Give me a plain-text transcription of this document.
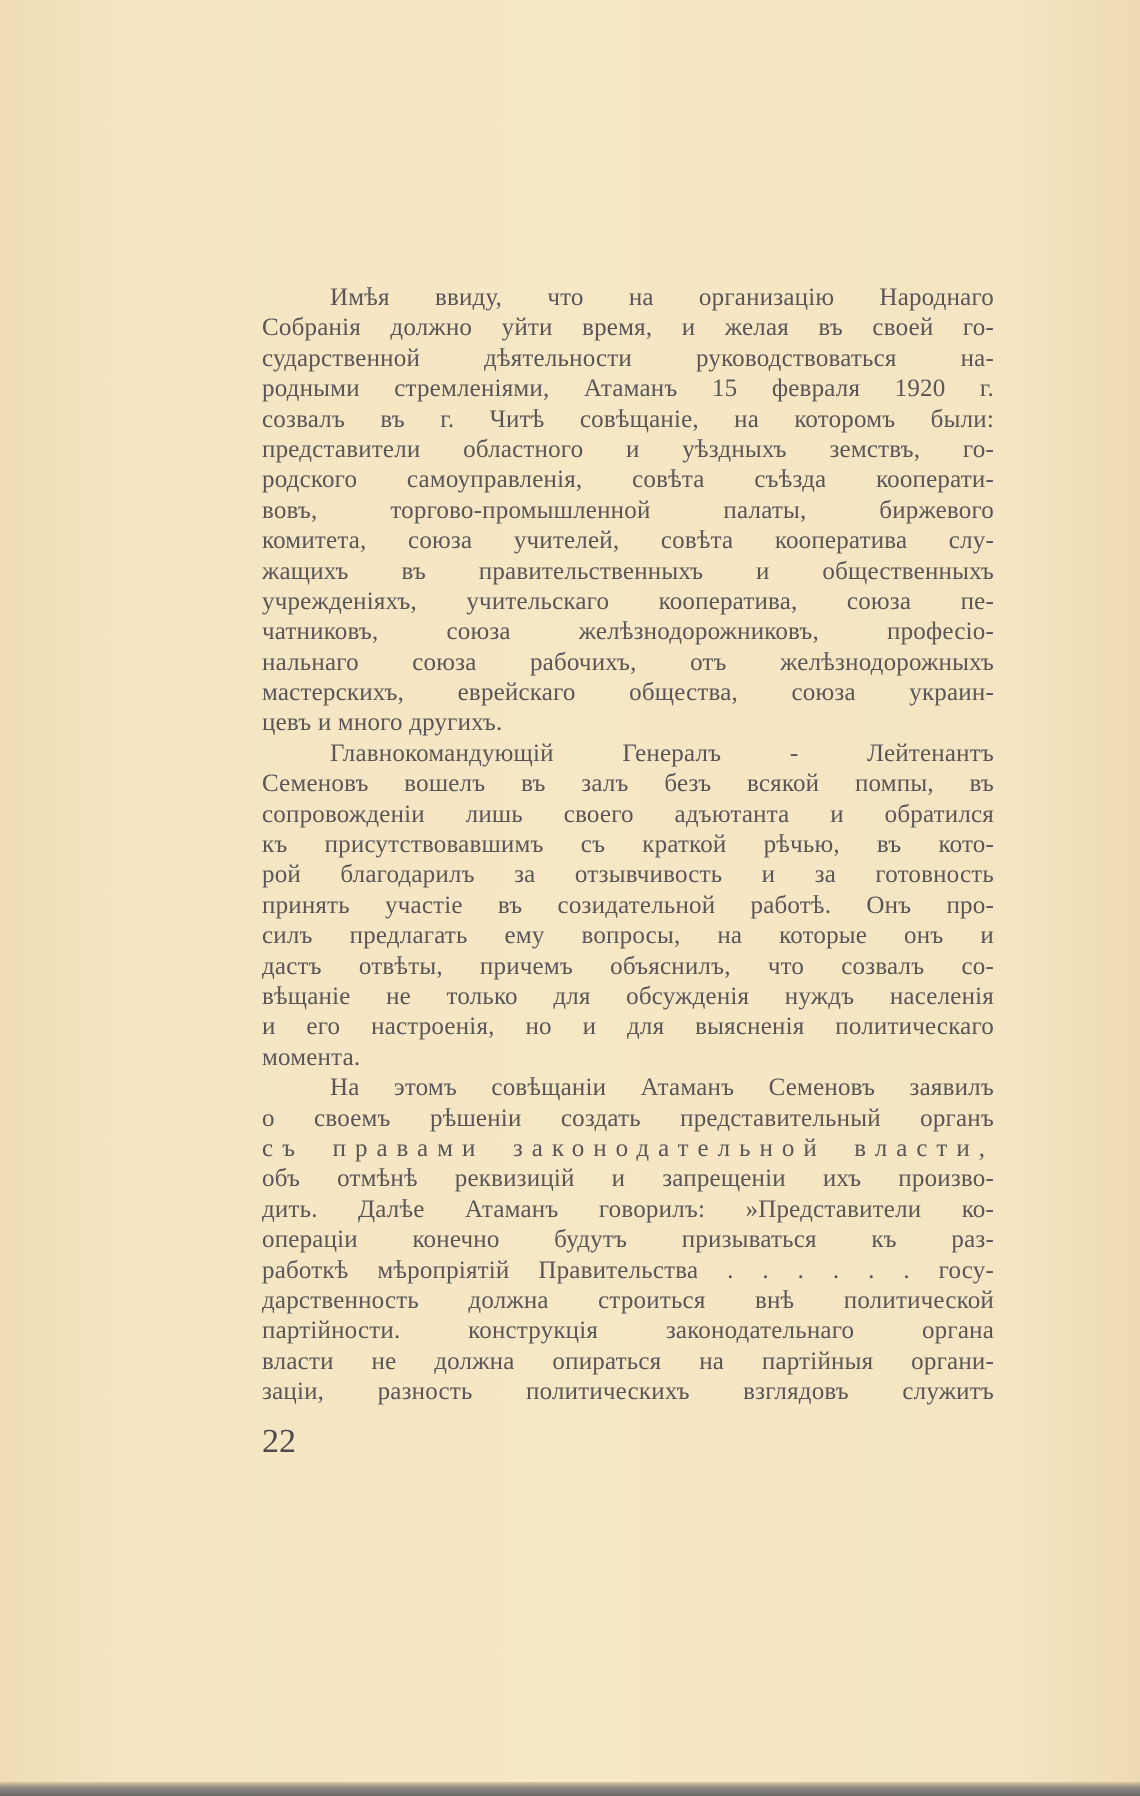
Имѣя ввиду, что на организацію Народнаго
Собранія должно уйти время, и желая въ своей го-
сударственной дѣятельности руководствоваться на-
родными стремленіями, Атаманъ 15 февраля 1920 г.
созвалъ въ г. Читѣ совѣщаніе, на которомъ были:
представители областного и уѣздныхъ земствъ, го-
родского самоуправленія, совѣта съѣзда кооперати-
вовъ, торгово-промышленной палаты, биржевого
комитета, союза учителей, совѣта кооператива слу-
жащихъ въ правительственныхъ и общественныхъ
учрежденіяхъ, учительскаго кооператива, союза пе-
чатниковъ, союза желѣзнодорожниковъ, професіо-
нальнаго союза рабочихъ, отъ желѣзнодорожныхъ
мастерскихъ, еврейскаго общества, союза украин-
цевъ и много другихъ.
Главнокомандующій Генералъ - Лейтенантъ
Семеновъ вошелъ въ залъ безъ всякой помпы, въ
сопровожденіи лишь своего адъютанта и обратился
къ присутствовавшимъ съ краткой рѣчью, въ кото-
рой благодарилъ за отзывчивость и за готовность
принять участіе въ созидательной работѣ. Онъ про-
силъ предлагать ему вопросы, на которые онъ и
дастъ отвѣты, причемъ объяснилъ, что созвалъ со-
вѣщаніе не только для обсужденія нуждъ населенія
и его настроенія, но и для выясненія политическаго
момента.
На этомъ совѣщаніи Атаманъ Семеновъ заявилъ
о своемъ рѣшеніи создать представительный органъ
съ правами законодательной власти,
объ отмѣнѣ реквизицій и запрещеніи ихъ произво-
дить. Далѣе Атаманъ говорилъ: »Представители ко-
операціи конечно будутъ призываться къ раз-
работкѣ мѣропріятій Правительства . . . . . . госу-
дарственность должна строиться внѣ политической
партійности. конструкція законодательнаго органа
власти не должна опираться на партійныя органи-
заціи, разность политическихъ взглядовъ служитъ
22
